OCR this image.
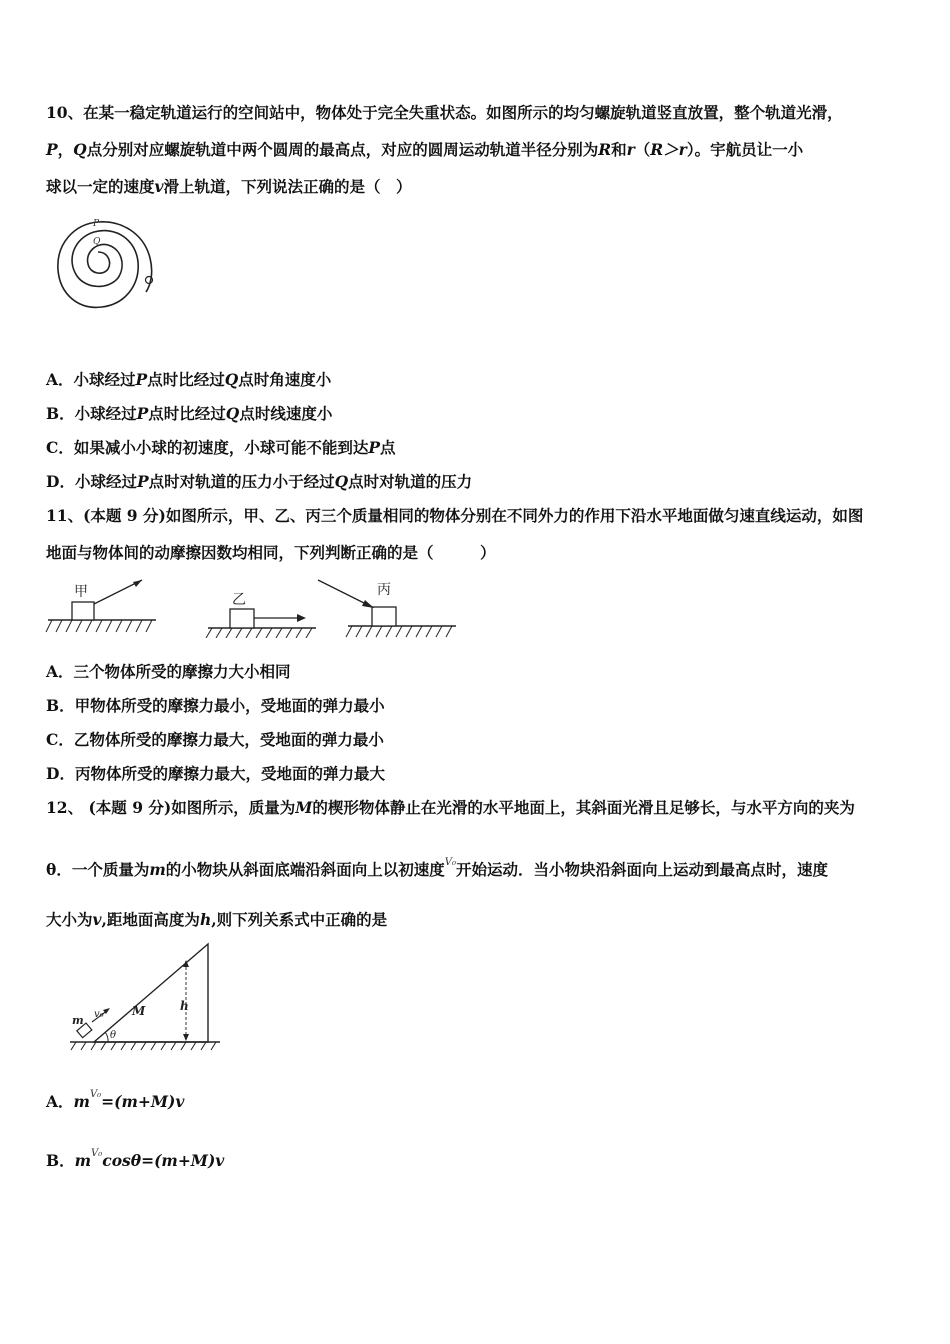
10、在某一稳定轨道运行的空间站中，物体处于完全失重状态。如图所示的均匀螺旋轨道竖直放置，整个轨道光滑，
P，Q点分别对应螺旋轨道中两个圆周的最高点，对应的圆周运动轨道半径分别为R和r（R＞r）。宇航员让一小
球以一定的速度v滑上轨道，下列说法正确的是（　）
P
Q
A．小球经过P点时比经过Q点时角速度小
B．小球经过P点时比经过Q点时线速度小
C．如果减小小球的初速度，小球可能不能到达P点
D．小球经过P点时对轨道的压力小于经过Q点时对轨道的压力
11、(本题 9 分)如图所示，甲、乙、丙三个质量相同的物体分别在不同外力的作用下沿水平地面做匀速直线运动，如图
地面与物体间的动摩擦因数均相同，下列判断正确的是（　　　）
甲	乙
丙
A．三个物体所受的摩擦力大小相同
B．甲物体所受的摩擦力最小，受地面的弹力最小
C．乙物体所受的摩擦力最大，受地面的弹力最小
D．丙物体所受的摩擦力最大，受地面的弹力最大
12、 (本题 9 分)如图所示，质量为M的楔形物体静止在光滑的水平地面上，其斜面光滑且足够长，与水平方向的夹为
θ．一个质量为m的小物块从斜面底端沿斜面向上以初速度$^{V_0}$开始运动．当小物块沿斜面向上运动到最高点时，速度
大小为v,距地面高度为h,则下列关系式中正确的是
m v₀ M	h
θ
A．$m^{V_0}=(m+M)v$
B．$m^{V_0}\cos\theta=(m+M)v$
